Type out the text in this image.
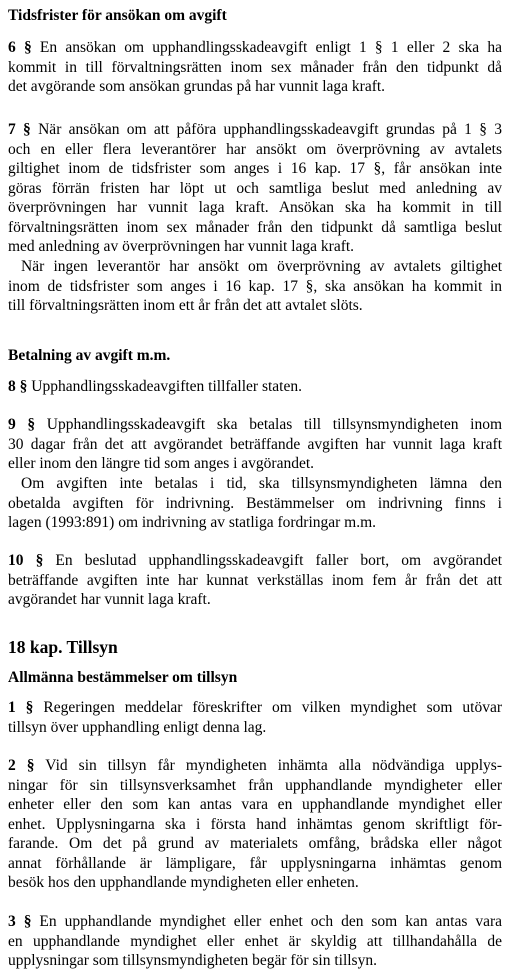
Tidsfrister för ansökan om avgift
6 § En ansökan om upphandlingsskadeavgift enligt 1 § 1 eller 2 ska ha
kommit in till förvaltningsrätten inom sex månader från den tidpunkt då
det avgörande som ansökan grundas på har vunnit laga kraft.
7 § När ansökan om att påföra upphandlingsskadeavgift grundas på 1 § 3
och en eller flera leverantörer har ansökt om överprövning av avtalets
giltighet inom de tidsfrister som anges i 16 kap. 17 §, får ansökan inte
göras förrän fristen har löpt ut och samtliga beslut med anledning av
överprövningen har vunnit laga kraft. Ansökan ska ha kommit in till
förvaltningsrätten inom sex månader från den tidpunkt då samtliga beslut
med anledning av överprövningen har vunnit laga kraft.
När ingen leverantör har ansökt om överprövning av avtalets giltighet
inom de tidsfrister som anges i 16 kap. 17 §, ska ansökan ha kommit in
till förvaltningsrätten inom ett år från det att avtalet slöts.
Betalning av avgift m.m.
8 § Upphandlingsskadeavgiften tillfaller staten.
9 § Upphandlingsskadeavgift ska betalas till tillsynsmyndigheten inom
30 dagar från det att avgörandet beträffande avgiften har vunnit laga kraft
eller inom den längre tid som anges i avgörandet.
Om avgiften inte betalas i tid, ska tillsynsmyndigheten lämna den
obetalda avgiften för indrivning. Bestämmelser om indrivning finns i
lagen (1993:891) om indrivning av statliga fordringar m.m.
10 § En beslutad upphandlingsskadeavgift faller bort, om avgörandet
beträffande avgiften inte har kunnat verkställas inom fem år från det att
avgörandet har vunnit laga kraft.
18 kap. Tillsyn
Allmänna bestämmelser om tillsyn
1 § Regeringen meddelar föreskrifter om vilken myndighet som utövar
tillsyn över upphandling enligt denna lag.
2 § Vid sin tillsyn får myndigheten inhämta alla nödvändiga upplys-
ningar för sin tillsynsverksamhet från upphandlande myndigheter eller
enheter eller den som kan antas vara en upphandlande myndighet eller
enhet. Upplysningarna ska i första hand inhämtas genom skriftligt för-
farande. Om det på grund av materialets omfång, brådska eller något
annat förhållande är lämpligare, får upplysningarna inhämtas genom
besök hos den upphandlande myndigheten eller enheten.
3 § En upphandlande myndighet eller enhet och den som kan antas vara
en upphandlande myndighet eller enhet är skyldig att tillhandahålla de
upplysningar som tillsynsmyndigheten begär för sin tillsyn.
